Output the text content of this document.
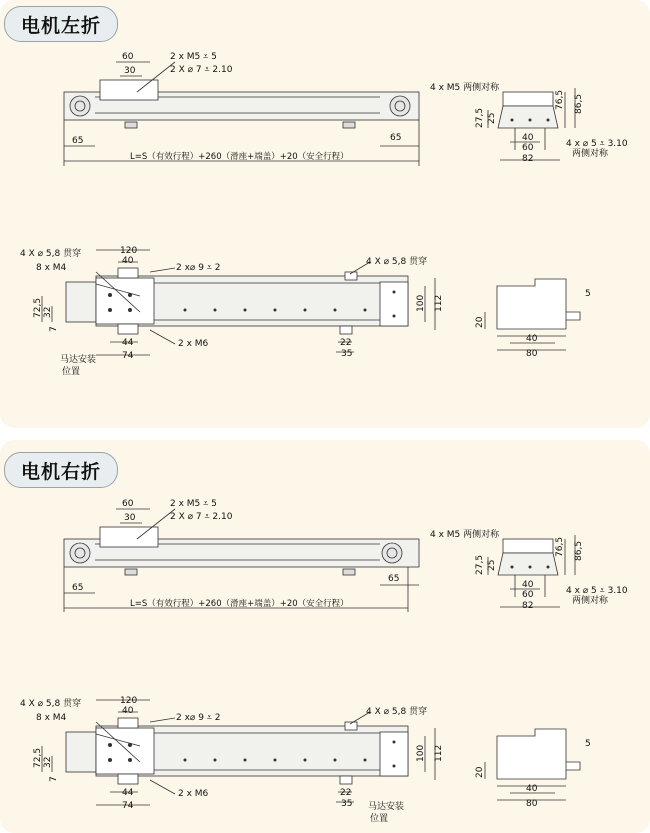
电机左折
60
30
2 x M5 ⩡ 5
2 X ⌀ 7 ⩡ 2.10
65	65
L=S（有效行程）+260（滑座+端盖）+20（安全行程）
4 x M5 两侧对称
76,5 86,5
27,5 25
40
60
82
4 x ⌀ 5 ⩡ 3.10
两侧对称
4 X ⌀ 5,8 贯穿
8 x M4
120
40
2 x⌀ 9 ⩡ 2
4 X ⌀ 5,8 贯穿
72,5 32
7
44
74
2 x M6	22
35
100 112
马达安装
位置
5
20
40
80
电机右折
60
30
2 x M5 ⩡ 5
2 X ⌀ 7 ⩡ 2.10
65
65
L=S（有效行程）+260（滑座+端盖）+20（安全行程）
4 x M5 两侧对称
76,5 86,5
27,5 25
40
60
82
4 x ⌀ 5 ⩡ 3.10
两侧对称
4 X ⌀ 5,8 贯穿
8 x M4
120
40
2 x⌀ 9 ⩡ 2
4 X ⌀ 5,8 贯穿
72,5 32
7
44
74
2 x M6	22
35
100 112
马达安装
位置
5
20
40
80
